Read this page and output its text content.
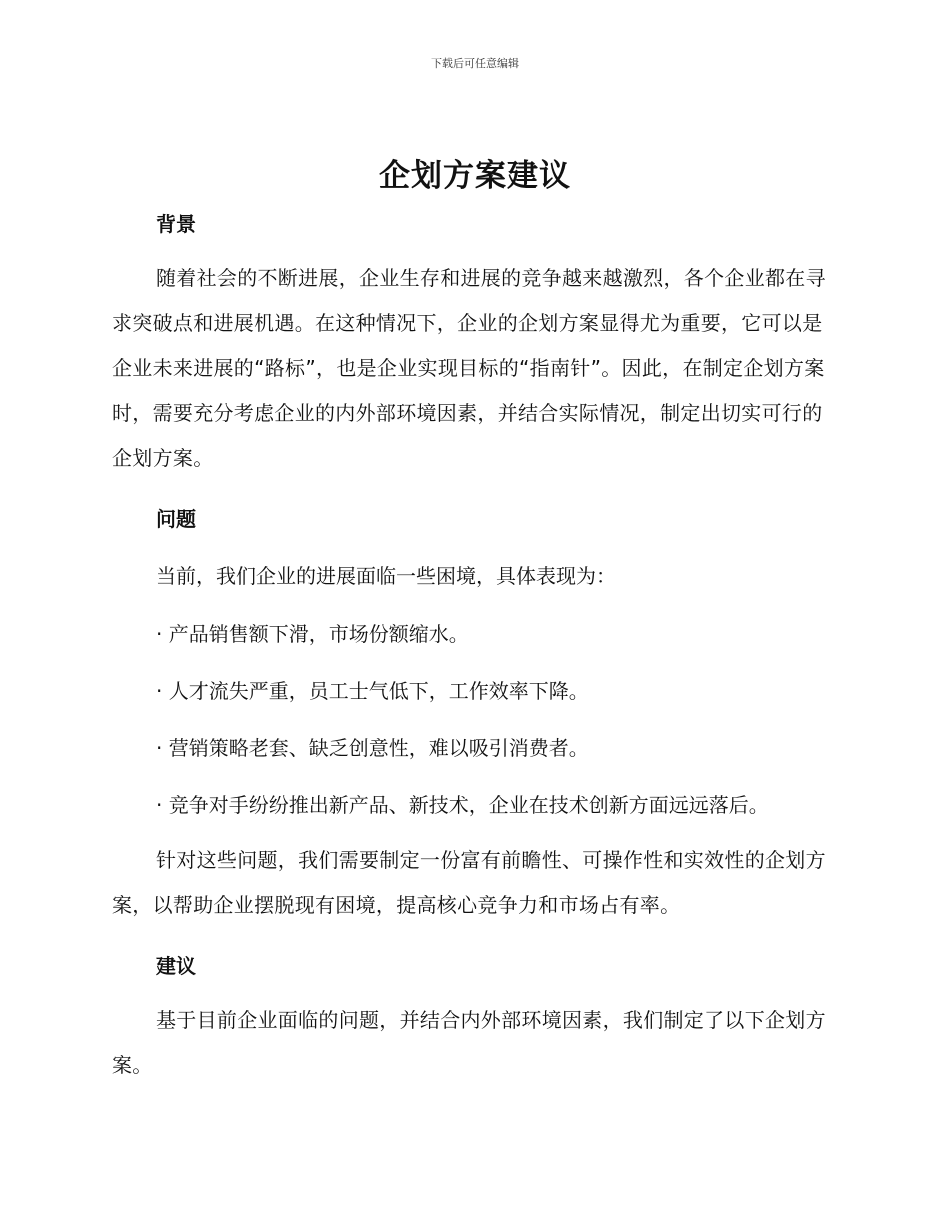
下载后可任意编辑
企划方案建议
背景

随着社会的不断进展，企业生存和进展的竞争越来越激烈，各个企业都在寻求突破点和进展机遇。在这种情况下，企业的企划方案显得尤为重要，它可以是企业未来进展的“路标”，也是企业实现目标的“指南针”。因此，在制定企划方案时，需要充分考虑企业的内外部环境因素，并结合实际情况，制定出切实可行的企划方案。

问题
当前，我们企业的进展面临一些困境，具体表现为：
· 产品销售额下滑，市场份额缩水。
· 人才流失严重，员工士气低下，工作效率下降。
· 营销策略老套、缺乏创意性，难以吸引消费者。
· 竞争对手纷纷推出新产品、新技术，企业在技术创新方面远远落后。

针对这些问题，我们需要制定一份富有前瞻性、可操作性和实效性的企划方案，以帮助企业摆脱现有困境，提高核心竞争力和市场占有率。

建议

基于目前企业面临的问题，并结合内外部环境因素，我们制定了以下企划方案。
